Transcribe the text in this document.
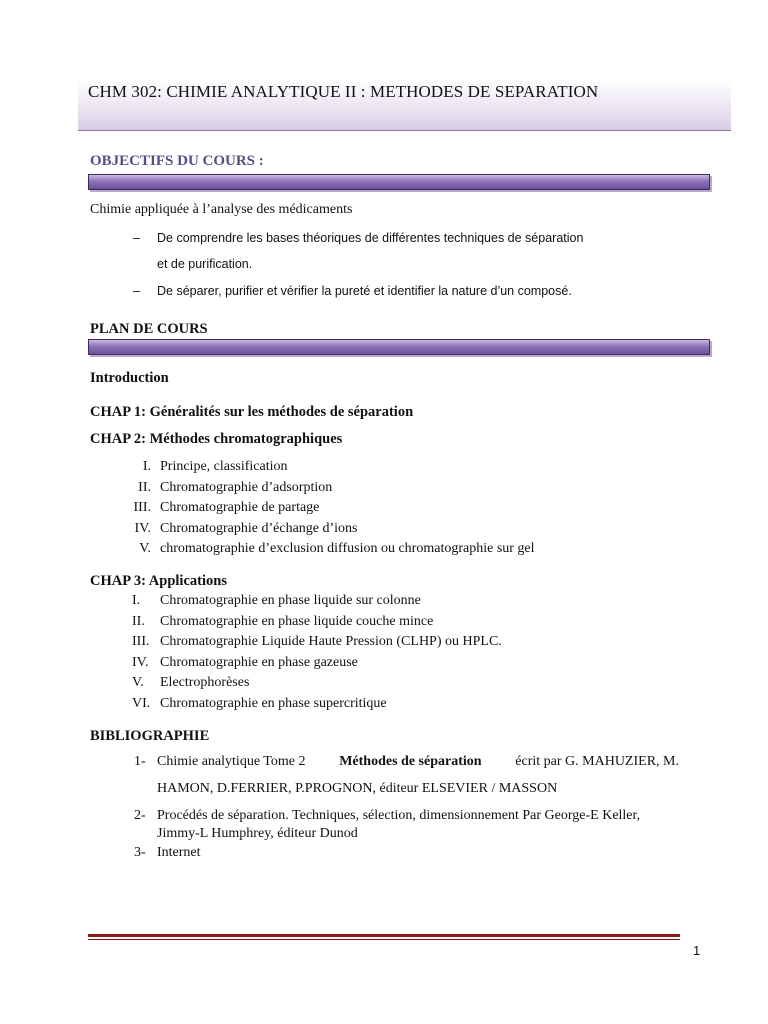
CHM 302: CHIMIE ANALYTIQUE II : METHODES DE SEPARATION
OBJECTIFS DU COURS :
Chimie appliquée à l’analyse des médicaments
– De comprendre les bases théoriques de différentes techniques de séparation
et de purification.
– De séparer, purifier et vérifier la pureté et identifier la nature d’un composé.
PLAN DE COURS
Introduction
CHAP 1: Généralités sur les méthodes de séparation
CHAP 2: Méthodes chromatographiques
I. Principe, classification
II. Chromatographie d’adsorption
III. Chromatographie de partage
IV. Chromatographie d’échange d’ions
V. chromatographie d’exclusion diffusion ou chromatographie sur gel
CHAP 3: Applications
I. Chromatographie en phase liquide sur colonne
II. Chromatographie en phase liquide couche mince
III. Chromatographie Liquide Haute Pression (CLHP) ou HPLC.
IV. Chromatographie en phase gazeuse
V. Electrophorèses
VI. Chromatographie en phase supercritique
BIBLIOGRAPHIE
1- Chimie analytique Tome 2 Méthodes de séparation écrit par G. MAHUZIER, M.
HAMON, D.FERRIER, P.PROGNON, éditeur ELSEVIER / MASSON
2- Procédés de séparation. Techniques, sélection, dimensionnement Par George-E Keller,
Jimmy-L Humphrey, éditeur Dunod
3- Internet
1
